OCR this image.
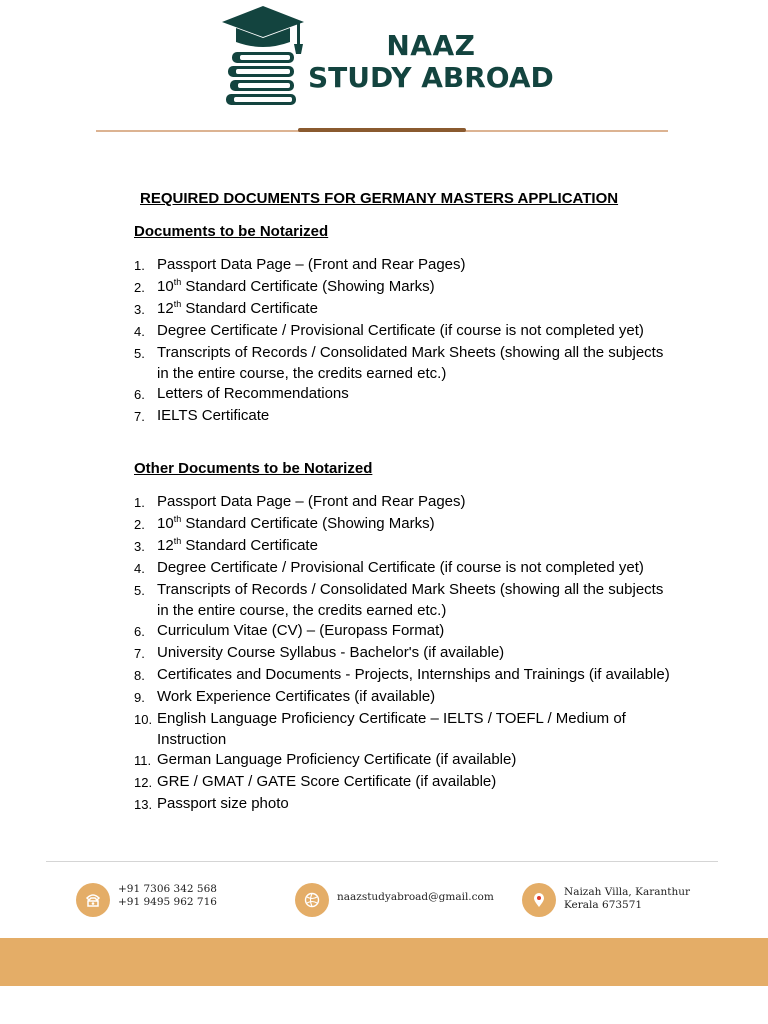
NAAZ
STUDY ABROAD
REQUIRED DOCUMENTS FOR GERMANY MASTERS APPLICATION
Documents to be Notarized
1. Passport Data Page – (Front and Rear Pages)
2. 10th Standard Certificate (Showing Marks)
3. 12th Standard Certificate
4. Degree Certificate / Provisional Certificate (if course is not completed yet)
5. Transcripts of Records / Consolidated Mark Sheets (showing all the subjects in the entire course, the credits earned etc.)
6. Letters of Recommendations
7. IELTS Certificate
Other Documents to be Notarized
1. Passport Data Page – (Front and Rear Pages)
2. 10th Standard Certificate (Showing Marks)
3. 12th Standard Certificate
4. Degree Certificate / Provisional Certificate (if course is not completed yet)
5. Transcripts of Records / Consolidated Mark Sheets (showing all the subjects in the entire course, the credits earned etc.)
6. Curriculum Vitae (CV) – (Europass Format)
7. University Course Syllabus - Bachelor's (if available)
8. Certificates and Documents - Projects, Internships and Trainings (if available)
9. Work Experience Certificates (if available)
10. English Language Proficiency Certificate – IELTS / TOEFL / Medium of Instruction
11. German Language Proficiency Certificate (if available)
12. GRE / GMAT / GATE Score Certificate (if available)
13. Passport size photo
+91 7306 342 568
+91 9495 962 716	naazstudyabroad@gmail.com	Naizah Villa, Karanthur
Kerala 673571
